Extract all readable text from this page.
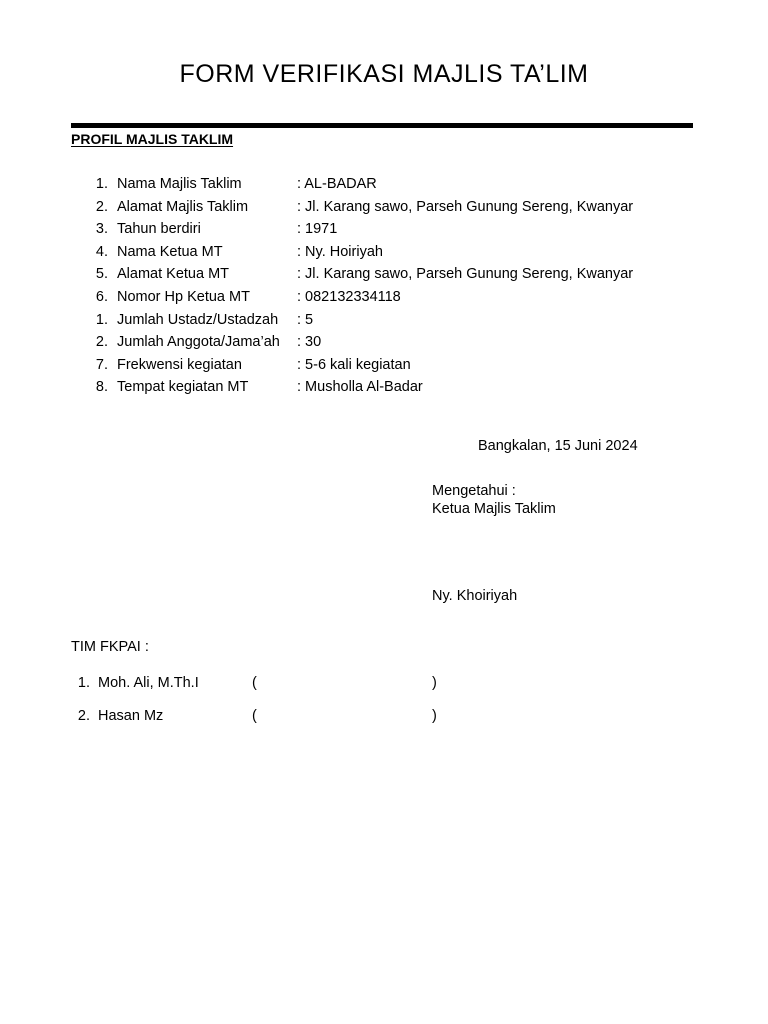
FORM VERIFIKASI MAJLIS TA’LIM
PROFIL MAJLIS TAKLIM
1. Nama Majlis Taklim	: AL-BADAR
2. Alamat Majlis Taklim	: Jl. Karang sawo, Parseh Gunung Sereng, Kwanyar
3. Tahun berdiri	: 1971
4. Nama Ketua MT	: Ny. Hoiriyah
5. Alamat Ketua MT	: Jl. Karang sawo, Parseh Gunung Sereng, Kwanyar
6. Nomor Hp Ketua MT	: 082132334118
1. Jumlah Ustadz/Ustadzah : 5
2. Jumlah Anggota/Jama’ah : 30
7. Frekwensi kegiatan	: 5-6 kali kegiatan
8. Tempat kegiatan MT	: Musholla Al-Badar
Bangkalan, 15 Juni 2024
Mengetahui :
Ketua Majlis Taklim
Ny. Khoiriyah
TIM FKPAI :
1. Moh. Ali, M.Th.I	(	)
2. Hasan Mz	(	)
